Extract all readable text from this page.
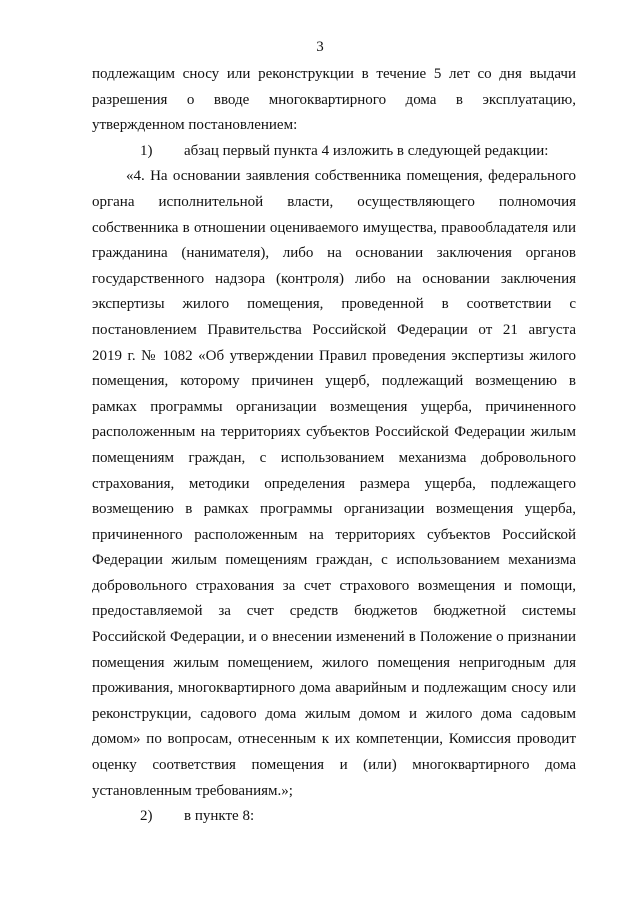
3

подлежащим сносу или реконструкции в течение 5 лет со дня выдачи
разрешения о вводе многоквартирного дома в эксплуатацию,
утвержденном постановлением:

1) абзац первый пункта 4 изложить в следующей редакции:

«4. На основании заявления собственника помещения, федерального
органа исполнительной власти, осуществляющего полномочия
собственника в отношении оцениваемого имущества, правообладателя или
гражданина (нанимателя), либо на основании заключения органов
государственного надзора (контроля) либо на основании заключения
экспертизы жилого помещения, проведенной в соответствии с
постановлением Правительства Российской Федерации от 21 августа
2019 г. № 1082 «Об утверждении Правил проведения экспертизы жилого
помещения, которому причинен ущерб, подлежащий возмещению в
рамках программы организации возмещения ущерба, причиненного
расположенным на территориях субъектов Российской Федерации жилым
помещениям граждан, с использованием механизма добровольного
страхования, методики определения размера ущерба, подлежащего
возмещению в рамках программы организации возмещения ущерба,
причиненного расположенным на территориях субъектов Российской
Федерации жилым помещениям граждан, с использованием механизма
добровольного страхования за счет страхового возмещения и помощи,
предоставляемой за счет средств бюджетов бюджетной системы
Российской Федерации, и о внесении изменений в Положение о признании
помещения жилым помещением, жилого помещения непригодным для
проживания, многоквартирного дома аварийным и подлежащим сносу или
реконструкции, садового дома жилым домом и жилого дома садовым
домом» по вопросам, отнесенным к их компетенции, Комиссия проводит
оценку соответствия помещения и (или) многоквартирного дома
установленным требованиям.»;

2) в пункте 8:
